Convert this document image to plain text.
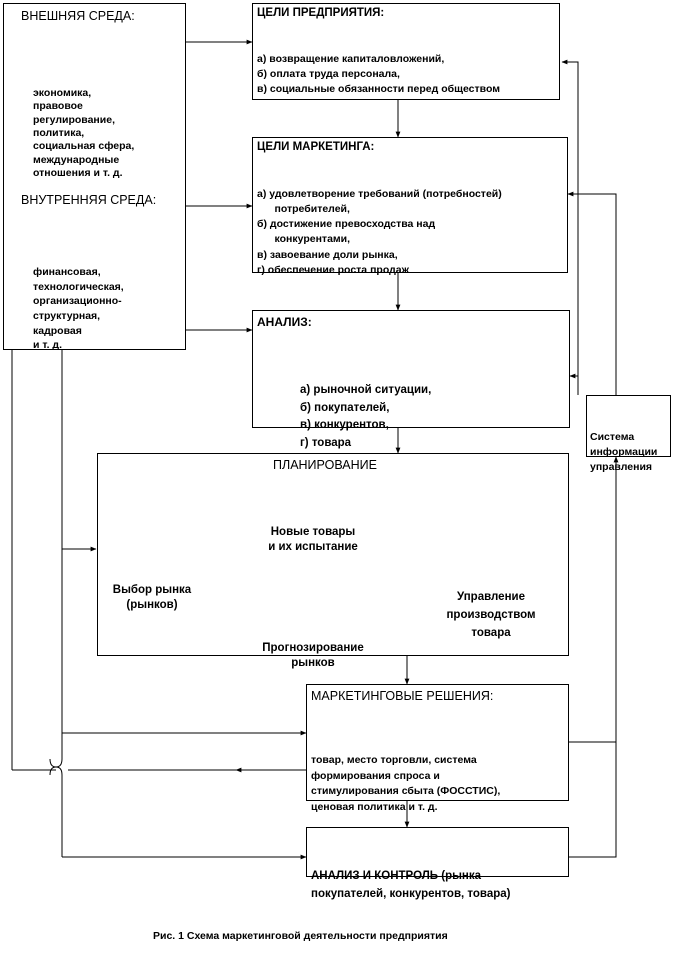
ВНЕШНЯЯ СРЕДА:

экономика,
правовое
регулирование,
политика,
социальная сфера,
международные
отношения и т. д.

ВНУТРЕННЯЯ СРЕДА:

финансовая,
технологическая,
организационно-
структурная,
кадровая
и т. д.

ЦЕЛИ ПРЕДПРИЯТИЯ:

а) возвращение капиталовложений,
б) оплата труда персонала,
в) социальные обязанности перед обществом

ЦЕЛИ МАРКЕТИНГА:

а) удовлетворение требований (потребностей)
потребителей,
б) достижение превосходства над
конкурентами,
в) завоевание доли рынка,
г) обеспечение роста продаж

АНАЛИЗ:

а) рыночной ситуации,
б) покупателей,
в) конкурентов,
г) товара

	Система
информации
управления

ПЛАНИРОВАНИЕ

Новые товары
и их испытание

Выбор рынка
(рынков)

Управление
производством
товара

Прогнозирование
рынков

МАРКЕТИНГОВЫЕ РЕШЕНИЯ:

товар, место торговли, система
формирования спроса и
стимулирования сбыта (ФОССТИС),
ценовая политика и т. д.

АНАЛИЗ И КОНТРОЛЬ (рынка
покупателей, конкурентов, товара)

Рис. 1 Схема маркетинговой деятельности предприятия
